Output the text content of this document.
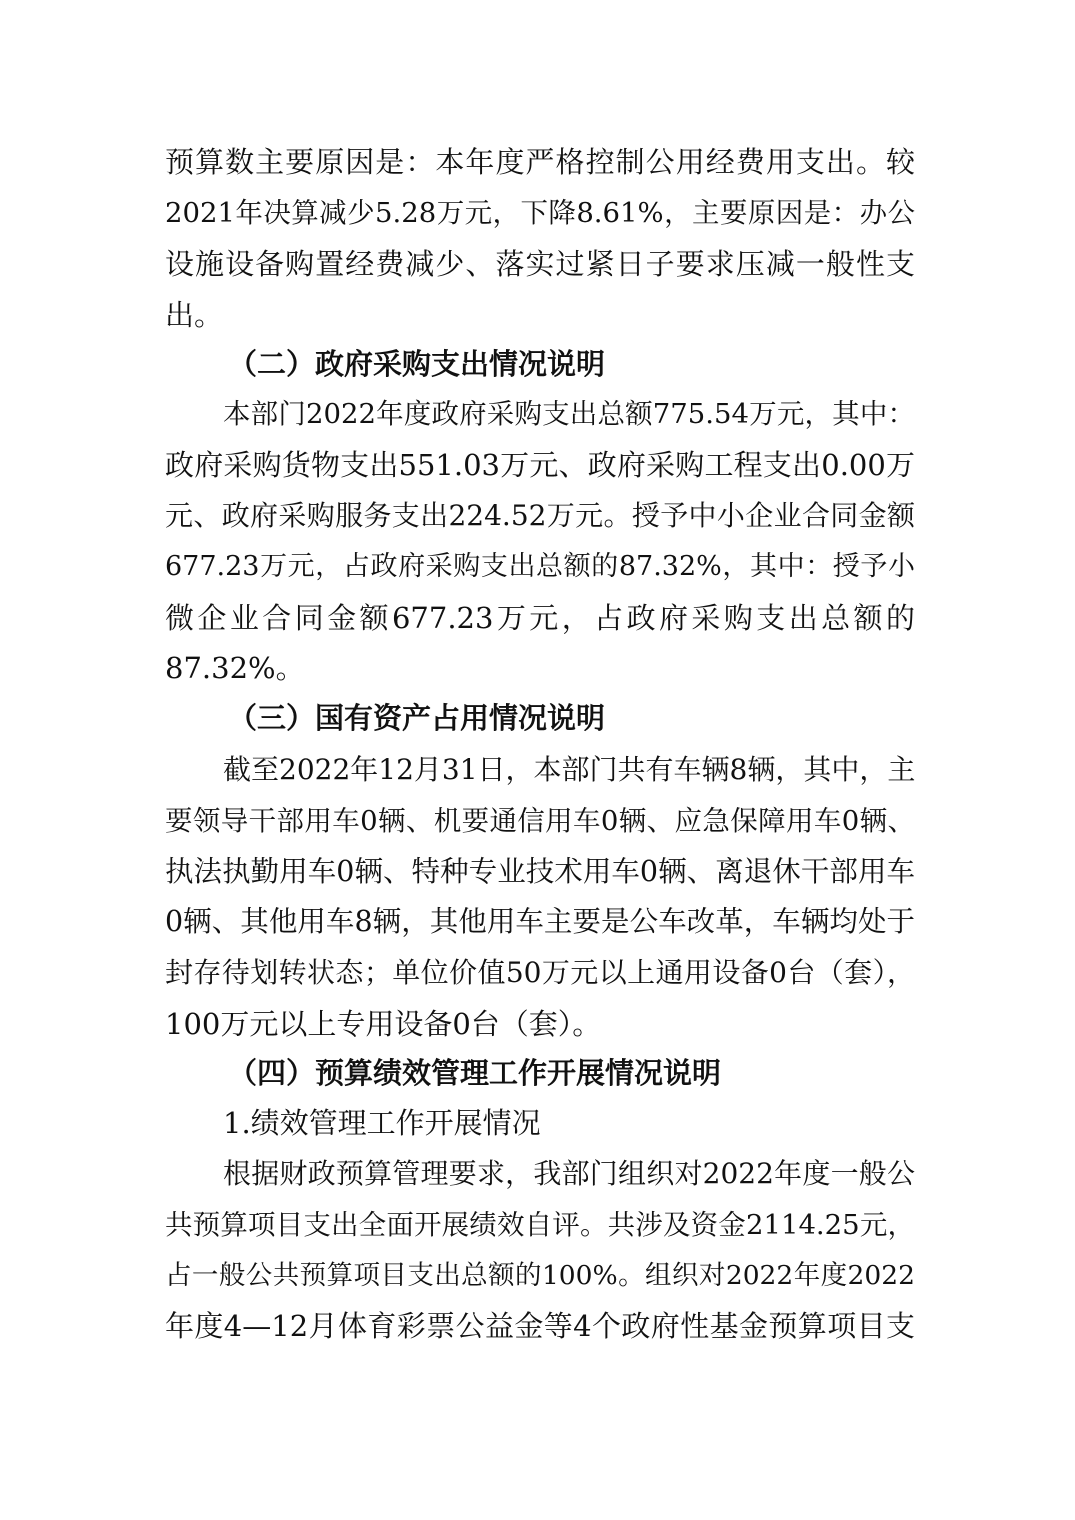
预算数主要原因是：本年度严格控制公用经费用支出。较
2021年决算减少5.28万元，下降8.61%，主要原因是：办公
设施设备购置经费减少、落实过紧日子要求压减一般性支
出。
（二）政府采购支出情况说明
本部门2022年度政府采购支出总额775.54万元，其中：
政府采购货物支出551.03万元、政府采购工程支出0.00万
元、政府采购服务支出224.52万元。授予中小企业合同金额
677.23万元，占政府采购支出总额的87.32%，其中：授予小
微企业合同金额677.23万元，占政府采购支出总额的
87.32%。
（三）国有资产占用情况说明
截至2022年12月31日，本部门共有车辆8辆，其中，主
要领导干部用车0辆、机要通信用车0辆、应急保障用车0辆、
执法执勤用车0辆、特种专业技术用车0辆、离退休干部用车
0辆、其他用车8辆，其他用车主要是公车改革，车辆均处于
封存待划转状态；单位价值50万元以上通用设备0台（套），
100万元以上专用设备0台（套）。
（四）预算绩效管理工作开展情况说明
1.绩效管理工作开展情况
根据财政预算管理要求，我部门组织对2022年度一般公
共预算项目支出全面开展绩效自评。共涉及资金2114.25元，
占一般公共预算项目支出总额的100%。组织对2022年度2022
年度4—12月体育彩票公益金等4个政府性基金预算项目支
